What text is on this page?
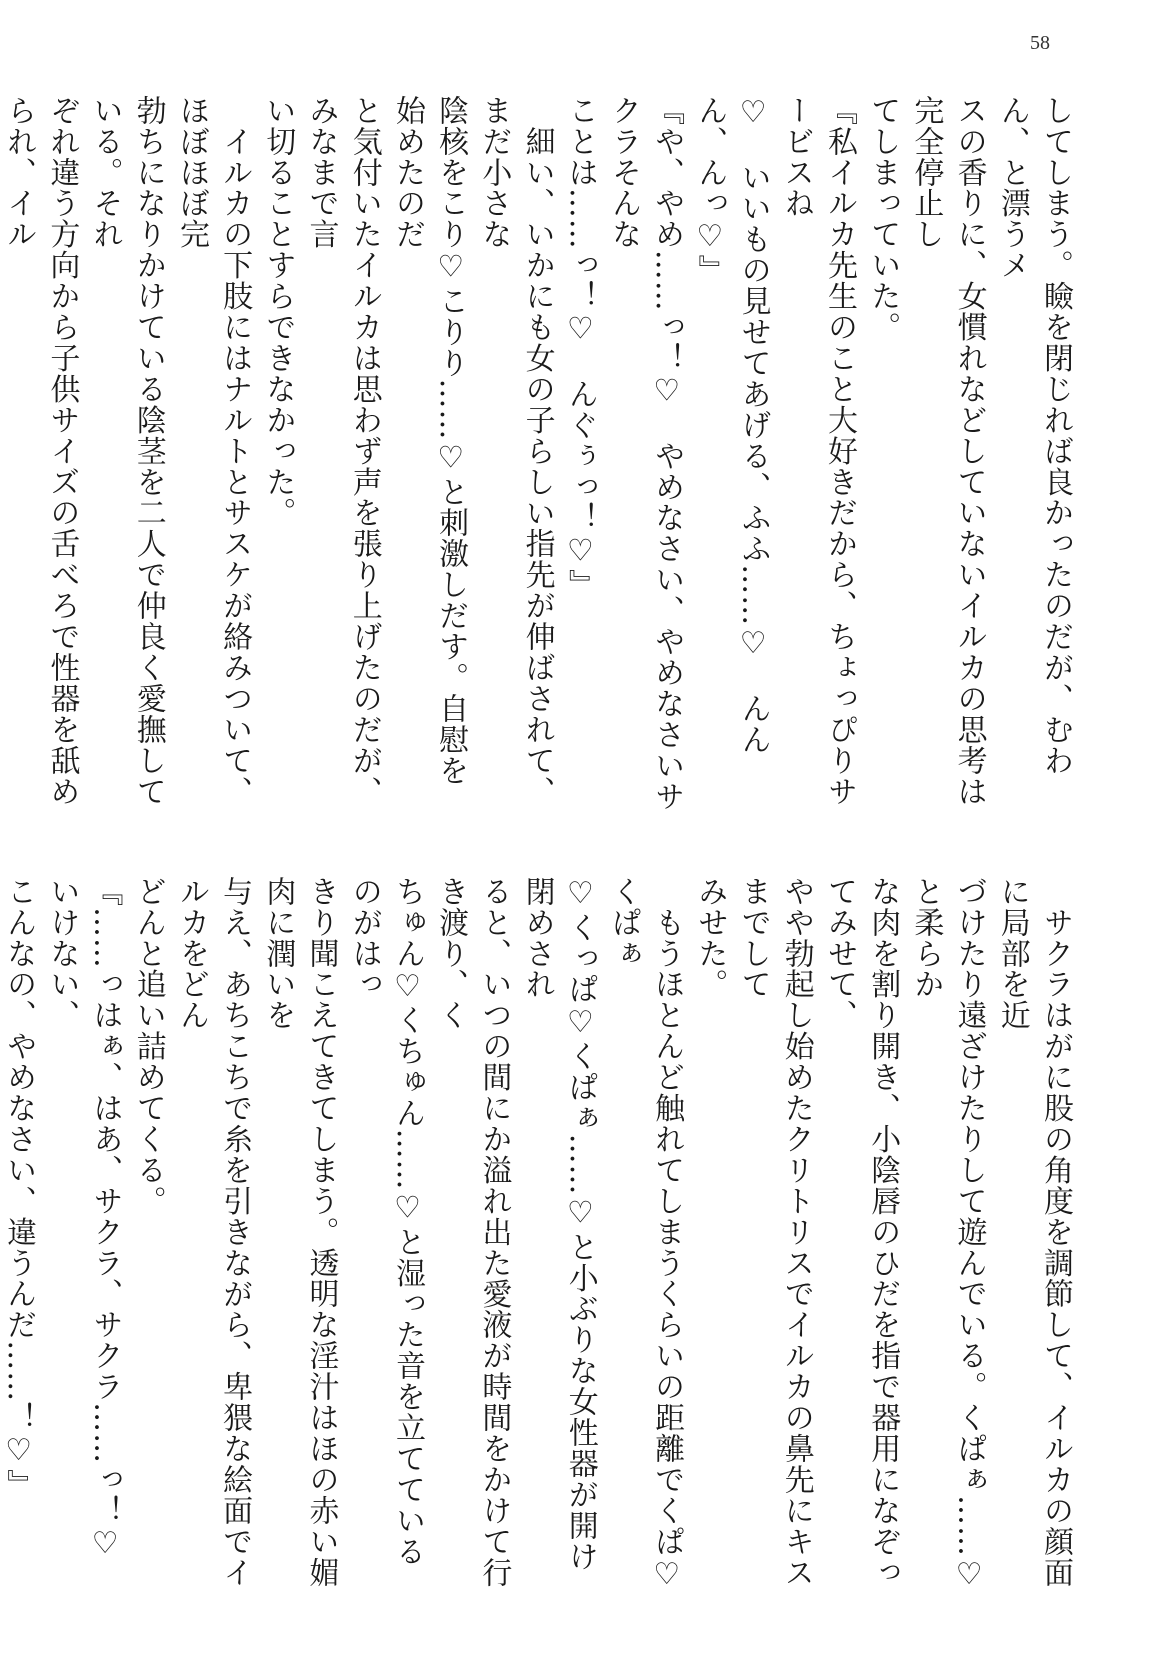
58

してしまう。瞼を閉じれば良かったのだが、むわん、と漂うメ

スの香りに、女慣れなどしていないイルカの思考は完全停止し

てしまっていた。

『私イルカ先生のこと大好きだから、ちょっぴりサービスね

♡　いいもの見せてあげる、ふふ……♡　んんん、んっ♡』

『や、やめ……っ！♡　やめなさい、やめなさいサクラそんな

ことは……っ！♡　んぐぅっ！♡』

　細い、いかにも女の子らしい指先が伸ばされて、まだ小さな

陰核をこり♡こりり……♡と刺激しだす。自慰を始めたのだ

と気付いたイルカは思わず声を張り上げたのだが、みなまで言

い切ることすらできなかった。

　イルカの下肢にはナルトとサスケが絡みついて、ほぼほぼ完

勃ちになりかけている陰茎を二人で仲良く愛撫している。それ

ぞれ違う方向から子供サイズの舌べろで性器を舐められ、イル

　サクラはがに股の角度を調節して、イルカの顔面に局部を近

づけたり遠ざけたりして遊んでいる。くぱぁ……♡と柔らか

な肉を割り開き、小陰唇のひだを指で器用になぞってみせて、

やや勃起し始めたクリトリスでイルカの鼻先にキスまでして

みせた。

　もうほとんど触れてしまうくらいの距離でくぱ♡くぱぁ

♡くっぱ♡くぱぁ……♡と小ぶりな女性器が開け閉めされ

ると、いつの間にか溢れ出た愛液が時間をかけて行き渡り、く

ちゅん♡くちゅん……♡と湿った音を立てているのがはっ

きり聞こえてきてしまう。透明な淫汁はほの赤い媚肉に潤いを

与え、あちこちで糸を引きながら、卑猥な絵面でイルカをどん

どんと追い詰めてくる。

『……っはぁ、はあ、サクラ、サクラ……っ！♡　いけない、

こんなの、やめなさい、違うんだ……！♡』
